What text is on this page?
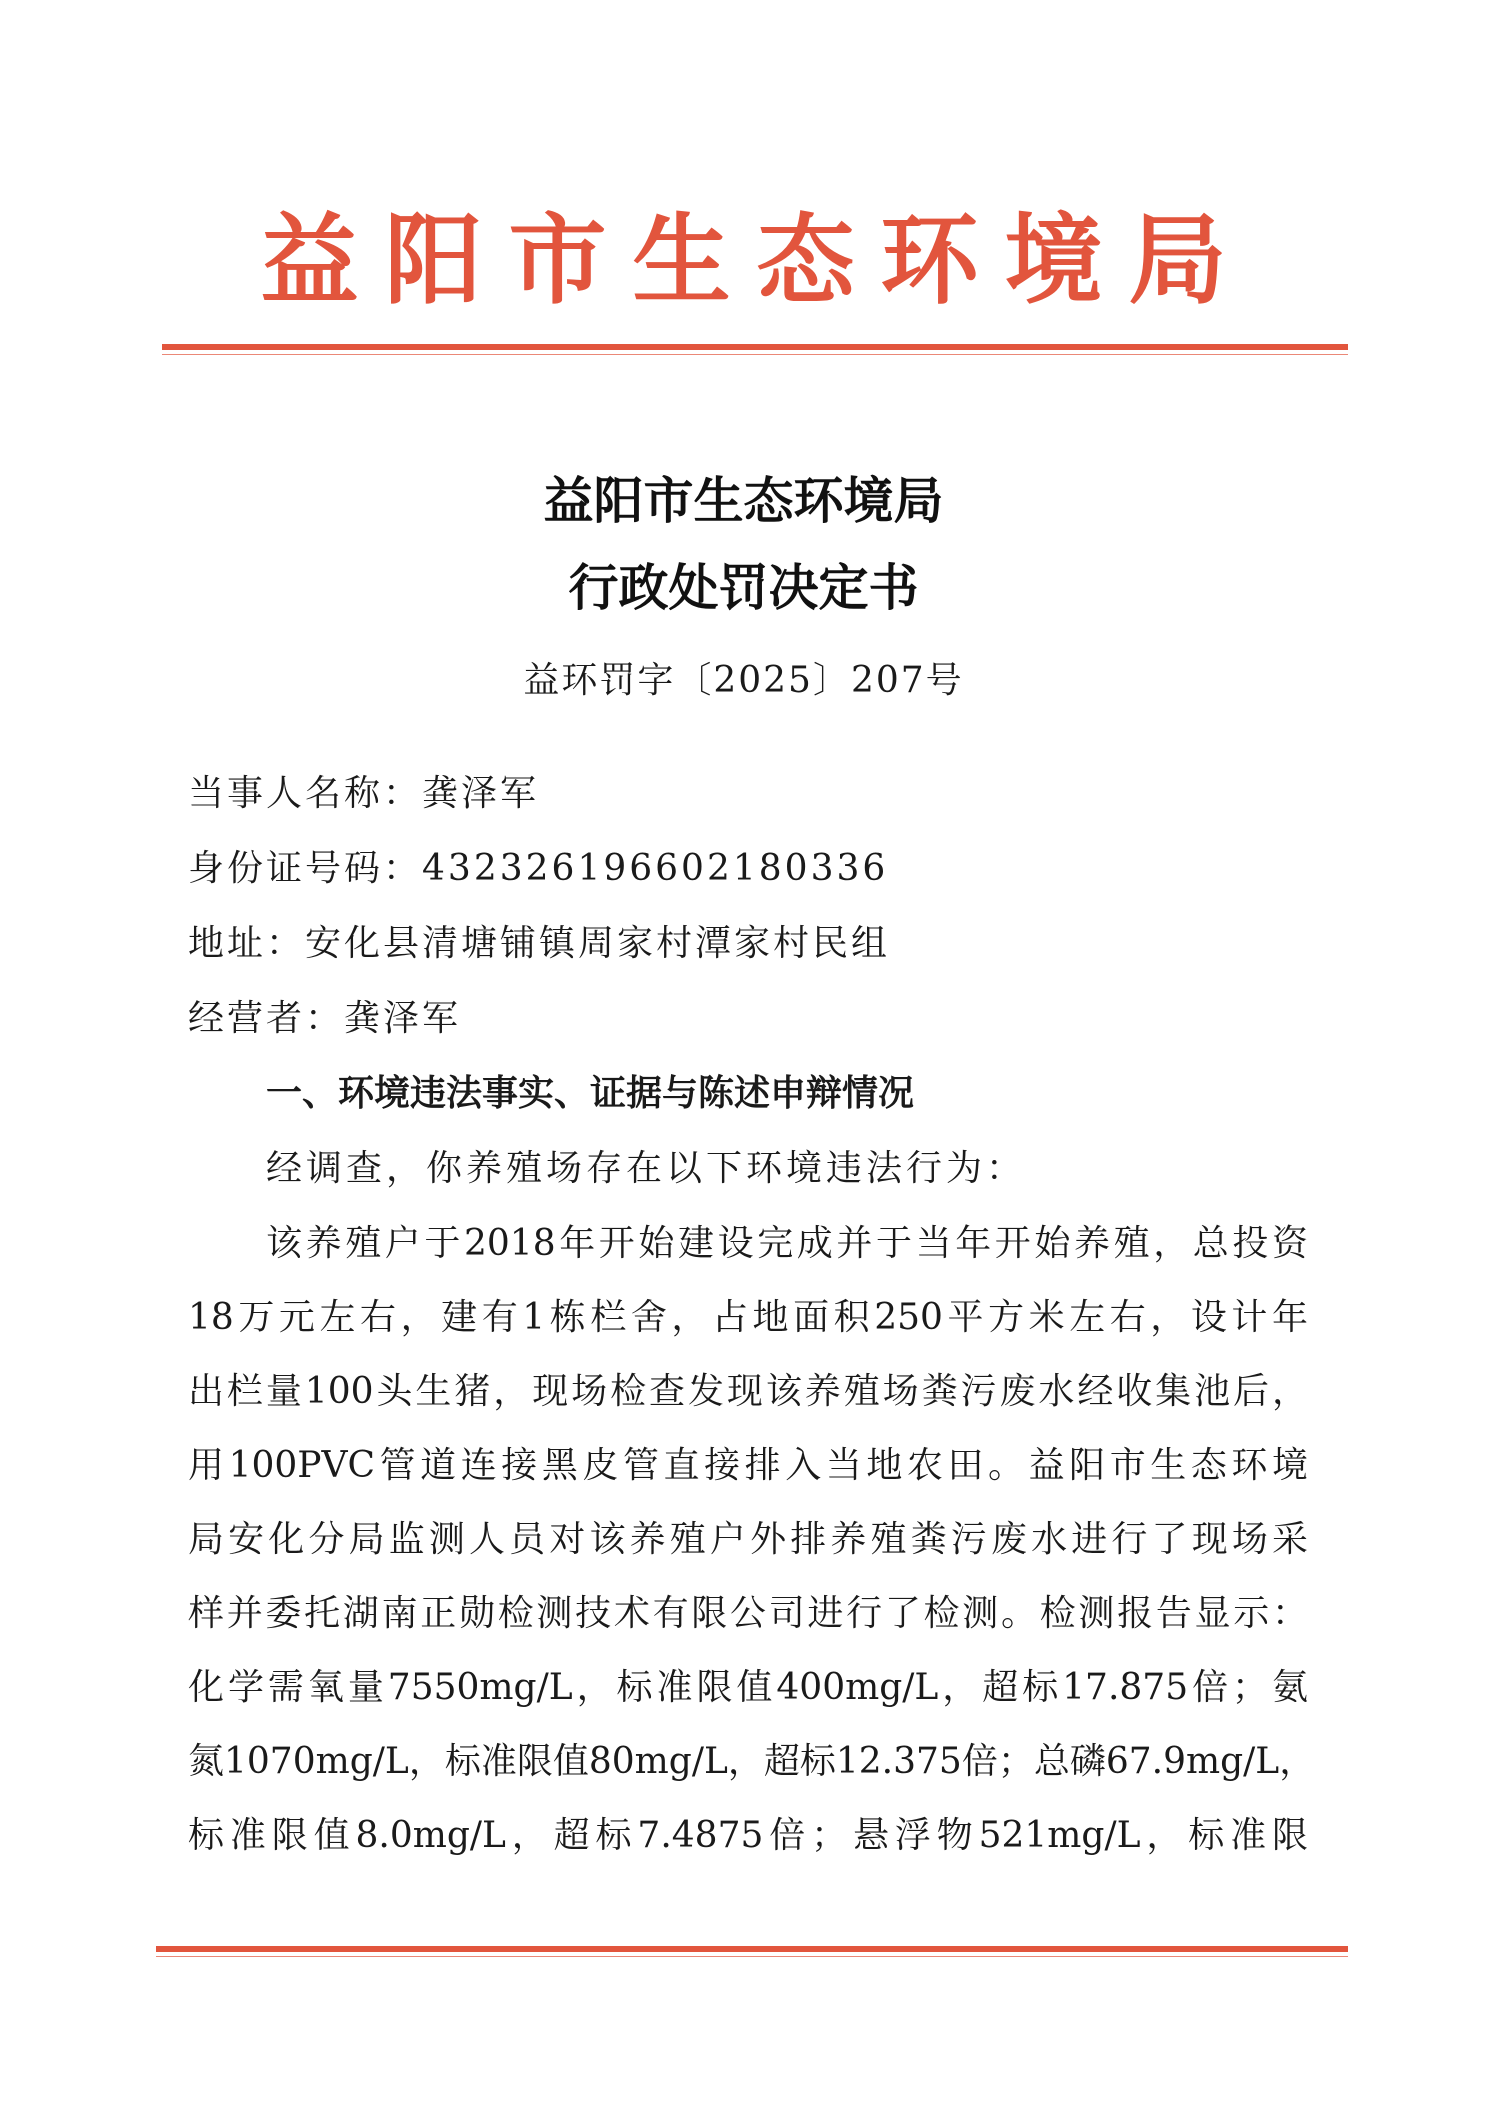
益阳市生态环境局
益阳市生态环境局
行政处罚决定书
益环罚字〔2025〕207号
当事人名称：龚泽军
身份证号码：432326196602180336
地址：安化县清塘铺镇周家村潭家村民组
经营者：龚泽军
一、环境违法事实、证据与陈述申辩情况
经调查，你养殖场存在以下环境违法行为：
该养殖户于2018年开始建设完成并于当年开始养殖，总投资
18万元左右，建有1栋栏舍，占地面积250平方米左右，设计年
出栏量100头生猪，现场检查发现该养殖场粪污废水经收集池后，
用100PVC管道连接黑皮管直接排入当地农田。益阳市生态环境
局安化分局监测人员对该养殖户外排养殖粪污废水进行了现场采
样并委托湖南正勋检测技术有限公司进行了检测。检测报告显示：
化学需氧量7550mg/L，标准限值400mg/L，超标17.875倍；氨
氮1070mg/L，标准限值80mg/L，超标12.375倍；总磷67.9mg/L，
标准限值8.0mg/L，超标7.4875倍；悬浮物521mg/L，标准限
